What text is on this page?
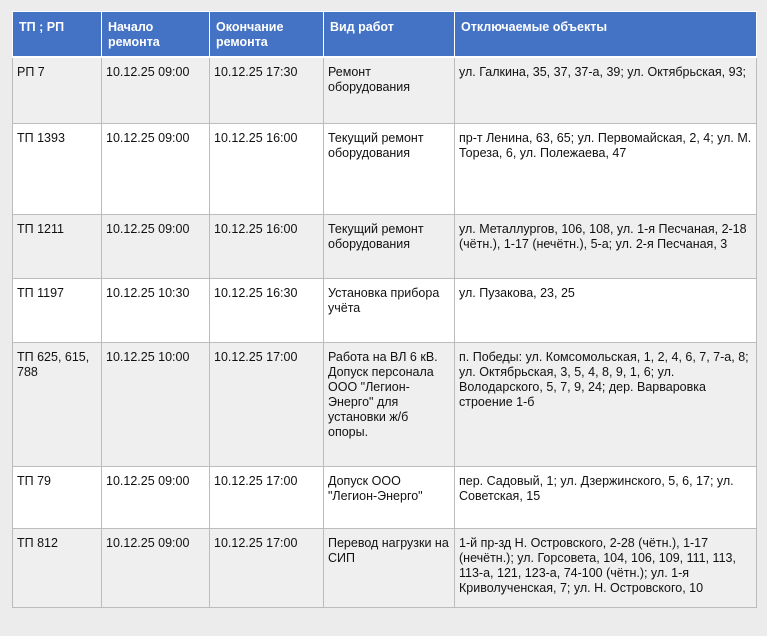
ТП ; РП	Начало ремонта	Окончание ремонта	Вид работ	Отключаемые объекты
РП 7	10.12.25 09:00	10.12.25 17:30	Ремонт оборудования	ул. Галкина, 35, 37, 37-а, 39; ул. Октябрьская, 93;
ТП 1393	10.12.25 09:00	10.12.25 16:00	Текущий ремонт оборудования	пр-т Ленина, 63, 65; ул. Первомайская, 2, 4; ул. М. Тореза, 6, ул. Полежаева, 47
ТП 1211	10.12.25 09:00	10.12.25 16:00	Текущий ремонт оборудования	ул. Металлургов, 106, 108, ул. 1-я Песчаная, 2-18 (чётн.), 1-17 (нечётн.), 5-а; ул. 2-я Песчаная, 3
ТП 1197	10.12.25 10:30	10.12.25 16:30	Установка прибора учёта	ул. Пузакова, 23, 25
ТП 625, 615, 788	10.12.25 10:00	10.12.25 17:00	Работа на ВЛ 6 кВ. Допуск персонала ООО "Легион-Энерго" для установки ж/б опоры.	п. Победы: ул. Комсомольская, 1, 2, 4, 6, 7, 7-а, 8; ул. Октябрьская, 3, 5, 4, 8, 9, 1, 6; ул. Володарского, 5, 7, 9, 24; дер. Варваровка строение 1-б
ТП 79	10.12.25 09:00	10.12.25 17:00	Допуск ООО "Легион-Энерго"	пер. Садовый, 1; ул. Дзержинского, 5, 6, 17; ул. Советская, 15
ТП 812	10.12.25 09:00	10.12.25 17:00	Перевод нагрузки на СИП	1-й пр-зд Н. Островского, 2-28 (чётн.), 1-17 (нечётн.); ул. Горсовета, 104, 106, 109, 111, 113, 113-а, 121, 123-а, 74-100 (чётн.); ул. 1-я Криволученская, 7; ул. Н. Островского, 10
